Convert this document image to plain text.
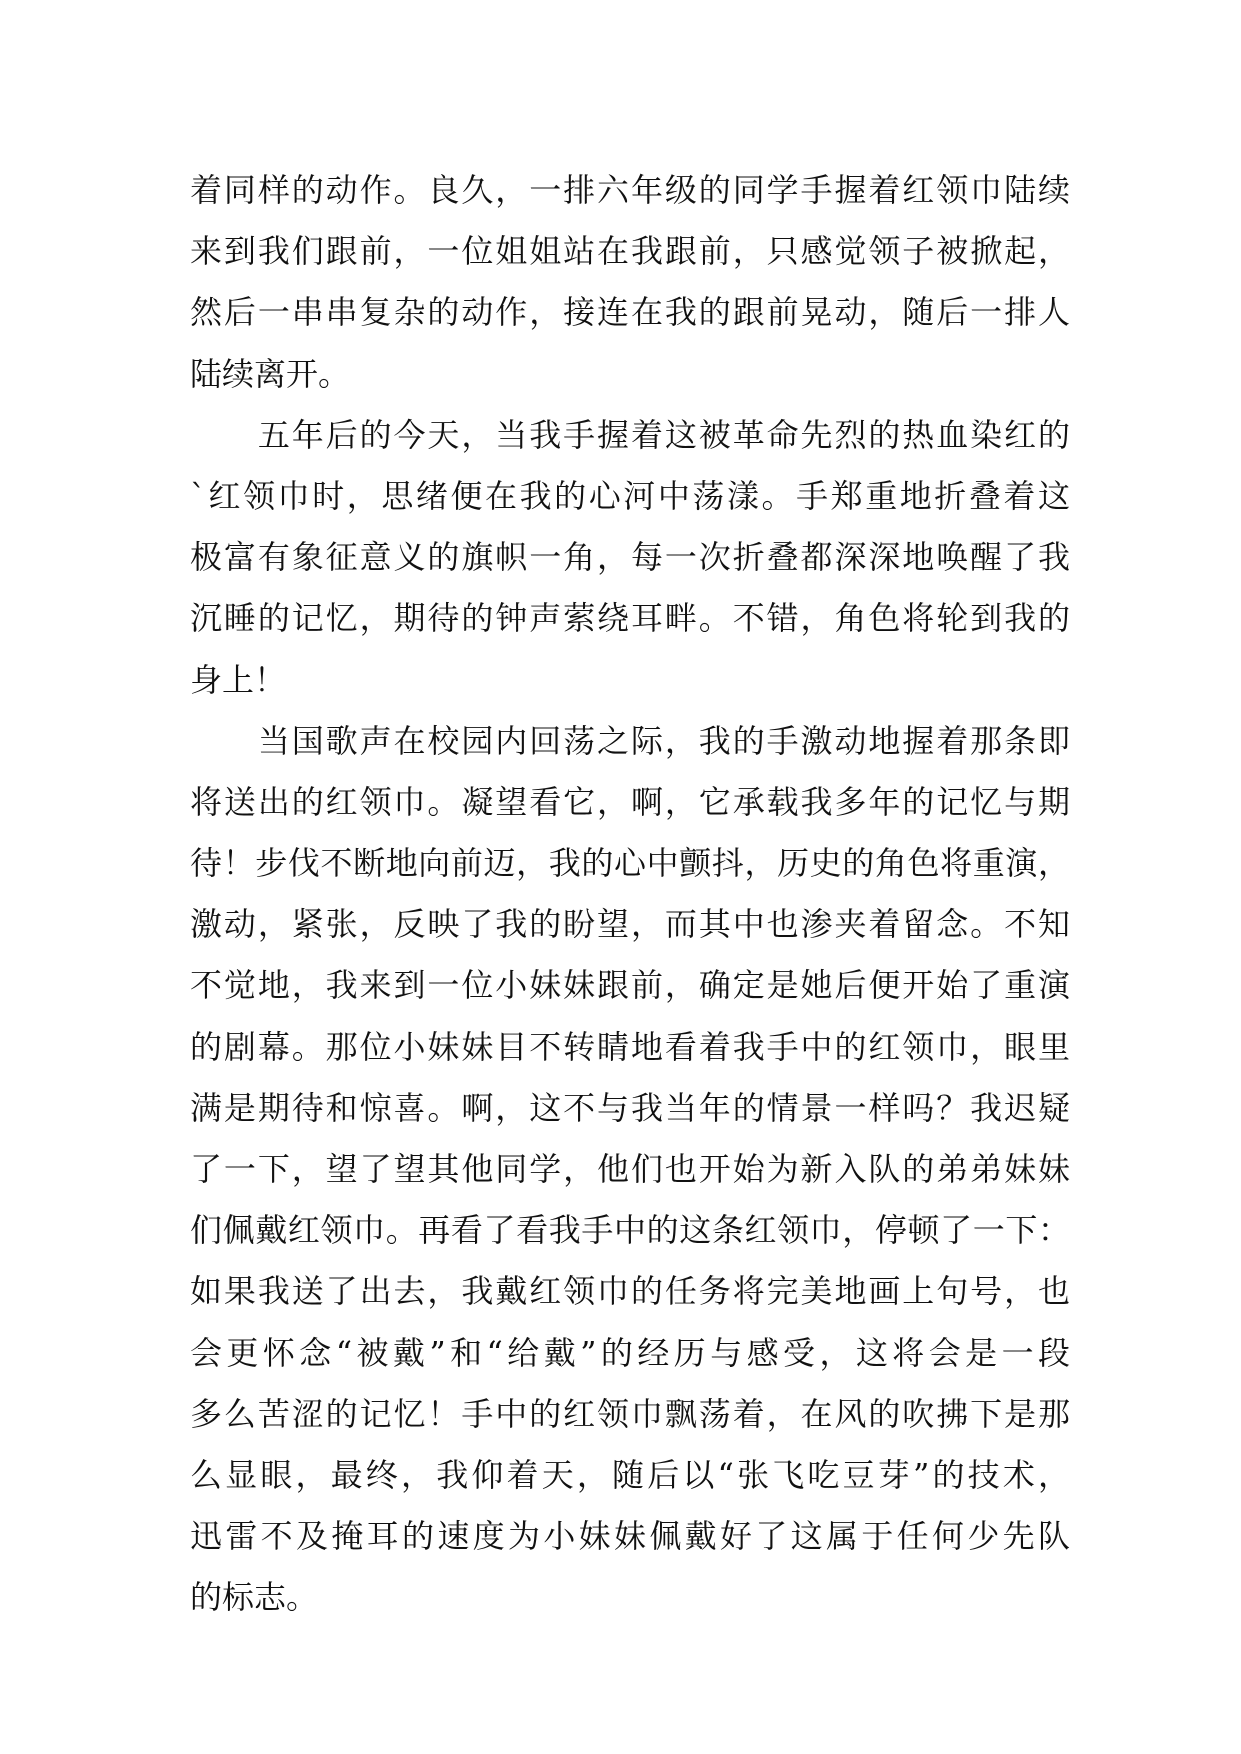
着同样的动作。良久，一排六年级的同学手握着红领巾陆续
来到我们跟前，一位姐姐站在我跟前，只感觉领子被掀起，
然后一串串复杂的动作，接连在我的跟前晃动，随后一排人
陆续离开。

　　五年后的今天，当我手握着这被革命先烈的热血染红的
`红领巾时，思绪便在我的心河中荡漾。手郑重地折叠着这
极富有象征意义的旗帜一角，每一次折叠都深深地唤醒了我
沉睡的记忆，期待的钟声萦绕耳畔。不错，角色将轮到我的
身上！

　　当国歌声在校园内回荡之际，我的手激动地握着那条即
将送出的红领巾。凝望看它，啊，它承载我多年的记忆与期
待！步伐不断地向前迈，我的心中颤抖，历史的角色将重演，
激动，紧张，反映了我的盼望，而其中也渗夹着留念。不知
不觉地，我来到一位小妹妹跟前，确定是她后便开始了重演
的剧幕。那位小妹妹目不转睛地看着我手中的红领巾，眼里
满是期待和惊喜。啊，这不与我当年的情景一样吗？我迟疑
了一下，望了望其他同学，他们也开始为新入队的弟弟妹妹
们佩戴红领巾。再看了看我手中的这条红领巾，停顿了一下：
如果我送了出去，我戴红领巾的任务将完美地画上句号，也
会更怀念“被戴”和“给戴”的经历与感受，这将会是一段
多么苦涩的记忆！手中的红领巾飘荡着，在风的吹拂下是那
么显眼，最终，我仰着天，随后以“张飞吃豆芽”的技术，
迅雷不及掩耳的速度为小妹妹佩戴好了这属于任何少先队
的标志。
